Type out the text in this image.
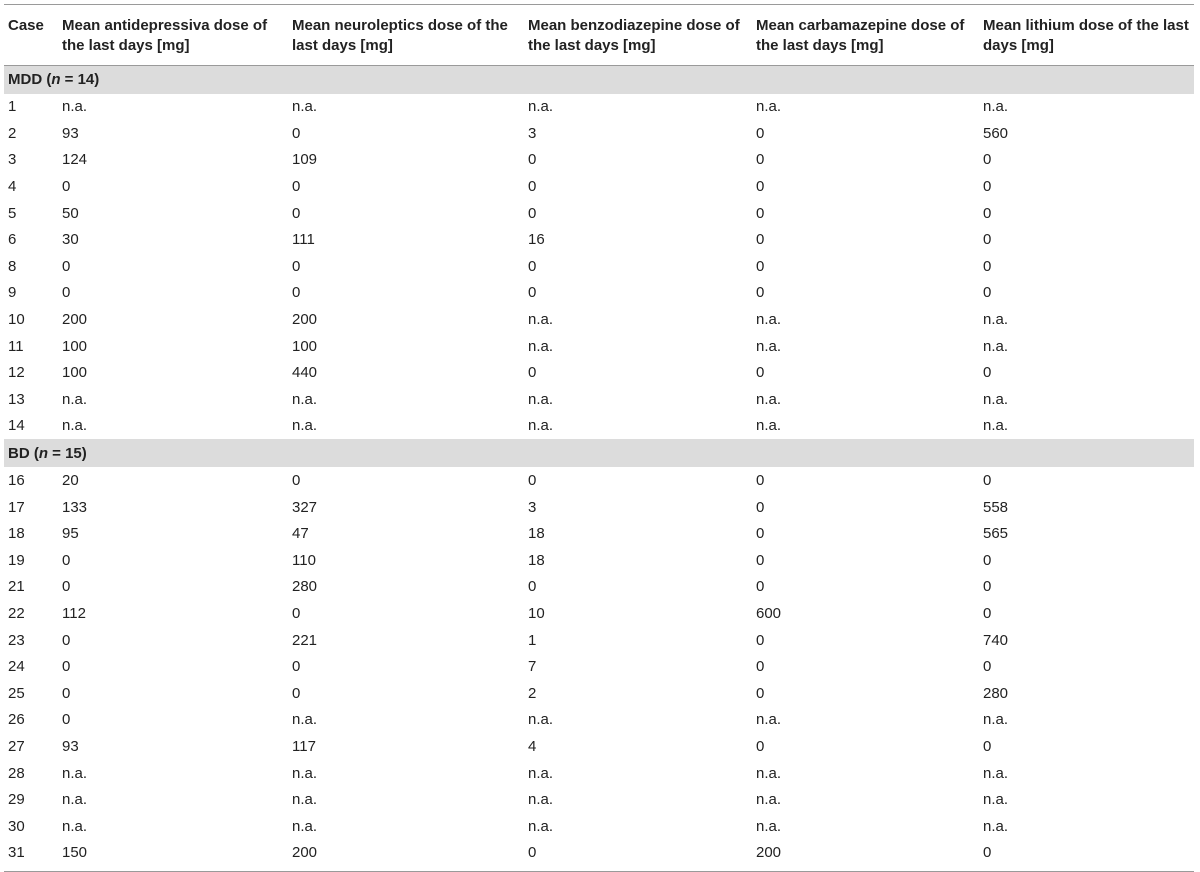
Case	Mean antidepressiva dose of the last days [mg]	Mean neuroleptics dose of the last days [mg]	Mean benzodiazepine dose of the last days [mg]	Mean carbamazepine dose of the last days [mg]	Mean lithium dose of the last days [mg]
MDD (n = 14)					
1	n.a.	n.a.	n.a.	n.a.	n.a.
2	93	0	3	0	560
3	124	109	0	0	0
4	0	0	0	0	0
5	50	0	0	0	0
6	30	111	16	0	0
8	0	0	0	0	0
9	0	0	0	0	0
10	200	200	n.a.	n.a.	n.a.
11	100	100	n.a.	n.a.	n.a.
12	100	440	0	0	0
13	n.a.	n.a.	n.a.	n.a.	n.a.
14	n.a.	n.a.	n.a.	n.a.	n.a.
BD (n = 15)					
16	20	0	0	0	0
17	133	327	3	0	558
18	95	47	18	0	565
19	0	110	18	0	0
21	0	280	0	0	0
22	112	0	10	600	0
23	0	221	1	0	740
24	0	0	7	0	0
25	0	0	2	0	280
26	0	n.a.	n.a.	n.a.	n.a.
27	93	117	4	0	0
28	n.a.	n.a.	n.a.	n.a.	n.a.
29	n.a.	n.a.	n.a.	n.a.	n.a.
30	n.a.	n.a.	n.a.	n.a.	n.a.
31	150	200	0	200	0
